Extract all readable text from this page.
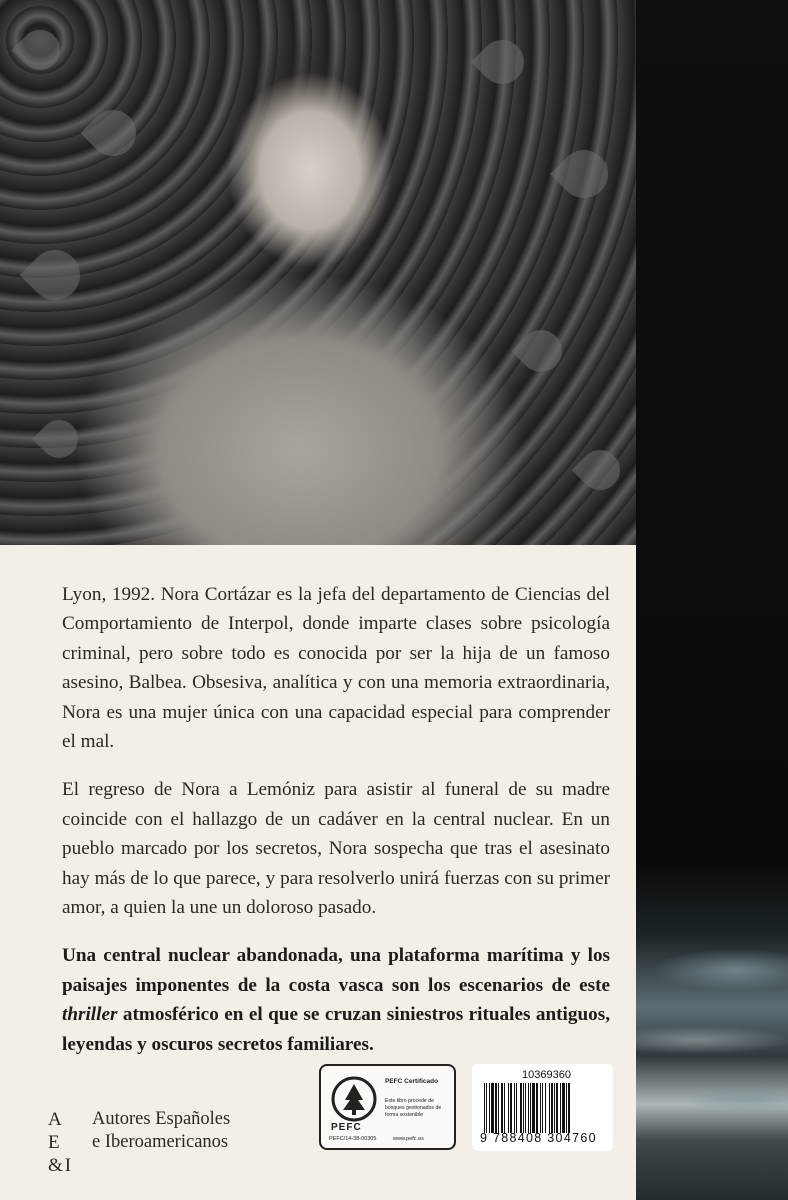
Lyon, 1992. Nora Cortázar es la jefa del departamento de Ciencias del Comportamiento de Interpol, donde imparte clases sobre psicología criminal, pero sobre todo es conocida por ser la hija de un famoso asesino, Balbea. Obsesiva, analítica y con una memoria extraordinaria, Nora es una mujer única con una capacidad especial para comprender el mal.

El regreso de Nora a Lemóniz para asistir al funeral de su madre coincide con el hallazgo de un cadáver en la central nuclear. En un pueblo marcado por los secretos, Nora sospecha que tras el asesinato hay más de lo que parece, y para resolverlo unirá fuerzas con su primer amor, a quien la une un doloroso pasado.

Una central nuclear abandonada, una plataforma marítima y los paisajes imponentes de la costa vasca son los escenarios de este thriller atmosférico en el que se cruzan siniestros rituales antiguos, leyendas y oscuros secretos familiares.

A E
&I
Autores Españoles
e Iberoamericanos
PEFC
PEFC/14-38-00305
PEFC Certificado
Este libro procede de bosques gestionados de forma sostenible
www.pefc.es
10369360
9 788408 304760
